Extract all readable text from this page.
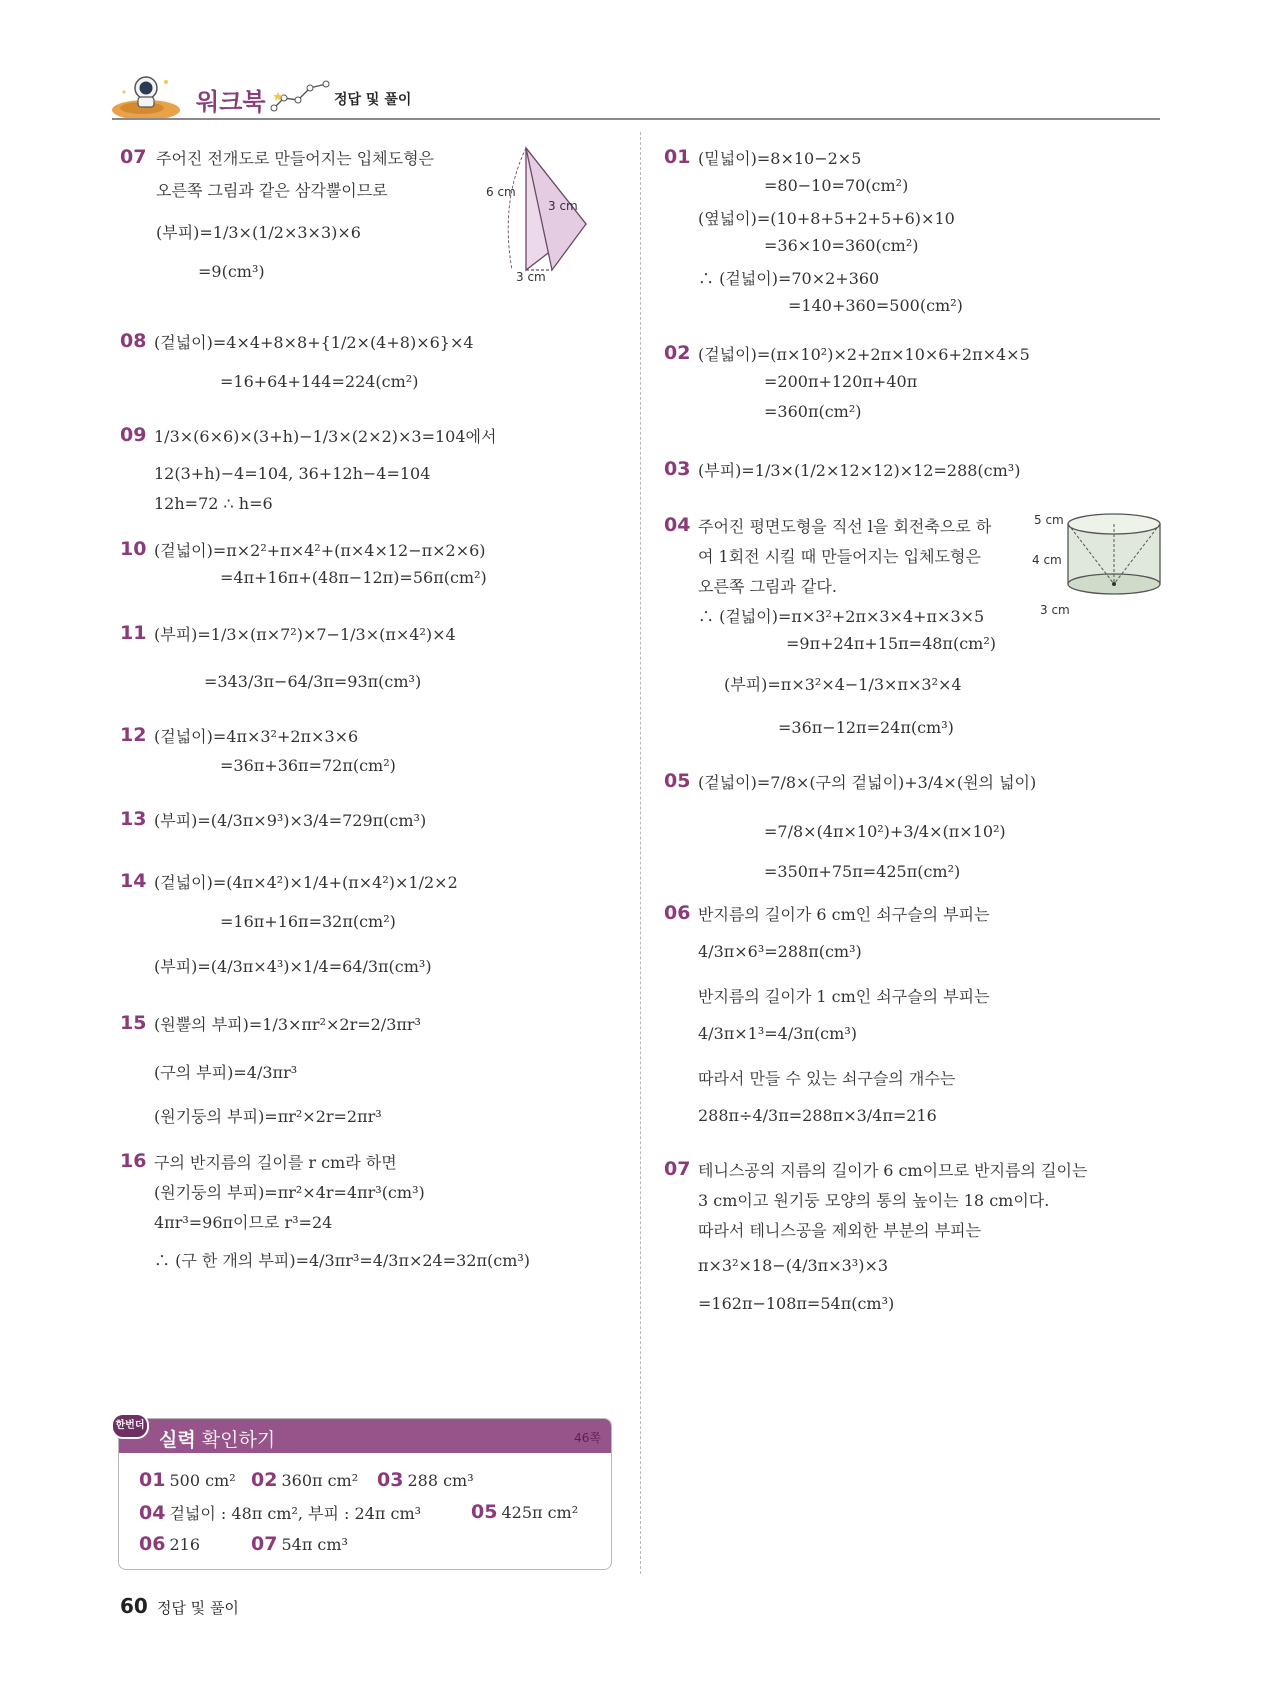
워크북	정답 및 풀이
07 주어진 전개도로 만들어지는 입체도형은
오른쪽 그림과 같은 삼각뿔이므로
(부피)=1/3×(1/2×3×3)×6
=9(cm³)
6 cm
3 cm
3 cm
08 (겉넓이)=4×4+8×8+{1/2×(4+8)×6}×4
=16+64+144=224(cm²)
09 1/3×(6×6)×(3+h)−1/3×(2×2)×3=104에서
12(3+h)−4=104, 36+12h−4=104
12h=72 ∴ h=6
10 (겉넓이)=π×2²+π×4²+(π×4×12−π×2×6)
=4π+16π+(48π−12π)=56π(cm²)
11 (부피)=1/3×(π×7²)×7−1/3×(π×4²)×4
=343/3π−64/3π=93π(cm³)
12 (겉넓이)=4π×3²+2π×3×6
=36π+36π=72π(cm²)
13 (부피)=(4/3π×9³)×3/4=729π(cm³)
14 (겉넓이)=(4π×4²)×1/4+(π×4²)×1/2×2
=16π+16π=32π(cm²)
(부피)=(4/3π×4³)×1/4=64/3π(cm³)
15 (원뿔의 부피)=1/3×πr²×2r=2/3πr³
(구의 부피)=4/3πr³
(원기둥의 부피)=πr²×2r=2πr³
16 구의 반지름의 길이를 r cm라 하면
(원기둥의 부피)=πr²×4r=4πr³(cm³)
4πr³=96π이므로 r³=24
∴ (구 한 개의 부피)=4/3πr³=4/3π×24=32π(cm³)
한번더
실력 확인하기	46쪽
01 500 cm² 02 360π cm² 03 288 cm³
04 겉넓이 : 48π cm², 부피 : 24π cm³	05 425π cm²
06 216	07 54π cm³
01 (밑넓이)=8×10−2×5
=80−10=70(cm²)
(옆넓이)=(10+8+5+2+5+6)×10
=36×10=360(cm²)
∴ (겉넓이)=70×2+360
=140+360=500(cm²)
02 (겉넓이)=(π×10²)×2+2π×10×6+2π×4×5
=200π+120π+40π
=360π(cm²)
03 (부피)=1/3×(1/2×12×12)×12=288(cm³)
04 주어진 평면도형을 직선 l을 회전축으로 하
여 1회전 시킬 때 만들어지는 입체도형은
오른쪽 그림과 같다.
∴ (겉넓이)=π×3²+2π×3×4+π×3×5
=9π+24π+15π=48π(cm²)
(부피)=π×3²×4−1/3×π×3²×4
=36π−12π=24π(cm³)
5 cm
4 cm
3 cm
05 (겉넓이)=7/8×(구의 겉넓이)+3/4×(원의 넓이)
=7/8×(4π×10²)+3/4×(π×10²)
=350π+75π=425π(cm²)
06 반지름의 길이가 6 cm인 쇠구슬의 부피는
4/3π×6³=288π(cm³)
반지름의 길이가 1 cm인 쇠구슬의 부피는
4/3π×1³=4/3π(cm³)
따라서 만들 수 있는 쇠구슬의 개수는
288π÷4/3π=288π×3/4π=216
07 테니스공의 지름의 길이가 6 cm이므로 반지름의 길이는
3 cm이고 원기둥 모양의 통의 높이는 18 cm이다.
따라서 테니스공을 제외한 부분의 부피는
π×3²×18−(4/3π×3³)×3
=162π−108π=54π(cm³)
60 정답 및 풀이
